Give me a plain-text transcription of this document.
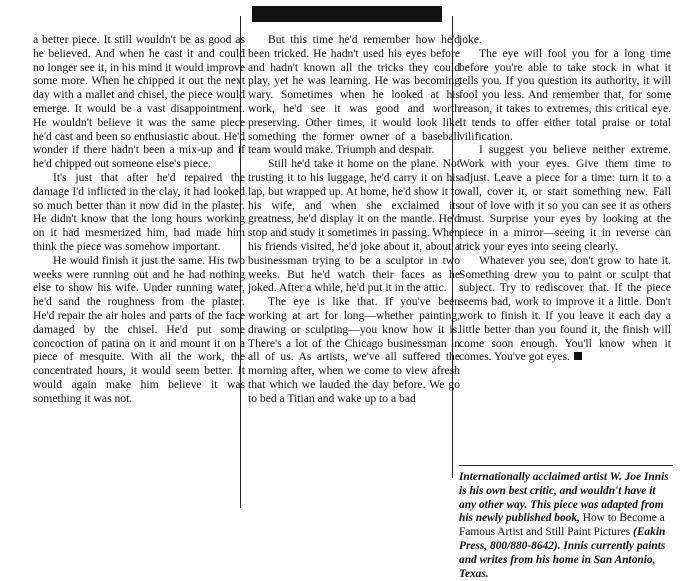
a better piece. It still wouldn't be as good as he believed. And when he cast it and could no longer see it, in his mind it would improve some more. When he chipped it out the next day with a mallet and chisel, the piece would emerge. It would be a vast disappointment. He wouldn't believe it was the same piece he'd cast and been so enthusiastic about. He'd wonder if there hadn't been a mix-up and if he'd chipped out someone else's piece.

It's just that after he'd repaired the damage I'd inflicted in the clay, it had looked so much better than it now did in the plaster. He didn't know that the long hours working on it had mesmerized him, had made him think the piece was somehow important.

He would finish it just the same. His two weeks were running out and he had nothing else to show his wife. Under running water, he'd sand the roughness from the plaster. He'd repair the air holes and parts of the face damaged by the chisel. He'd put some concoction of patina on it and mount it on a piece of mesquite. With all the work, the concentrated hours, it would seem better. It would again make him believe it was something it was not.

But this time he'd remember how he'd been tricked. He hadn't used his eyes before and hadn't known all the tricks they could play, yet he was learning. He was becoming wary. Sometimes when he looked at his work, he'd see it was good and worth preserving. Other times, it would look like something the former owner of a baseball team would make. Triumph and despair.

Still he'd take it home on the plane. Not trusting it to his luggage, he'd carry it on his lap, but wrapped up. At home, he'd show it to his wife, and when she exclaimed its greatness, he'd display it on the mantle. He'd stop and study it sometimes in passing. When his friends visited, he'd joke about it, about a businessman trying to be a sculptor in two weeks. But he'd watch their faces as he joked. After a while, he'd put it in the attic.

The eye is like that. If you've been working at art for long—whether painting, drawing or sculpting—you know how it is. There's a lot of the Chicago businessman in all of us. As artists, we've all suffered the morning after, when we come to view afresh that which we lauded the day before. We go to bed a Titian and wake up to a bad

joke.

The eye will fool you for a long time before you're able to take stock in what it tells you. If you question its authority, it will fool you less. And remember that, for some reason, it takes to extremes, this critical eye. It tends to offer either total praise or total vilification.

I suggest you believe neither extreme. Work with your eyes. Give them time to adjust. Leave a piece for a time: turn it to a wall, cover it, or start something new. Fall out of love with it so you can see it as others must. Surprise your eyes by looking at the piece in a mirror—seeing it in reverse can trick your eyes into seeing clearly.

Whatever you see, don't grow to hate it. Something drew you to paint or sculpt that subject. Try to rediscover that. If the piece seems bad, work to improve it a little. Don't work to finish it. If you leave it each day a little better than you found it, the finish will come soon enough. You'll know when it comes. You've got eyes.

Internationally acclaimed artist W. Joe Innis is his own best critic, and wouldn't have it any other way. This piece was adapted from his newly published book, How to Become a Famous Artist and Still Paint Pictures (Eakin Press, 800/880-8642). Innis currently paints and writes from his home in San Antonio, Texas.
